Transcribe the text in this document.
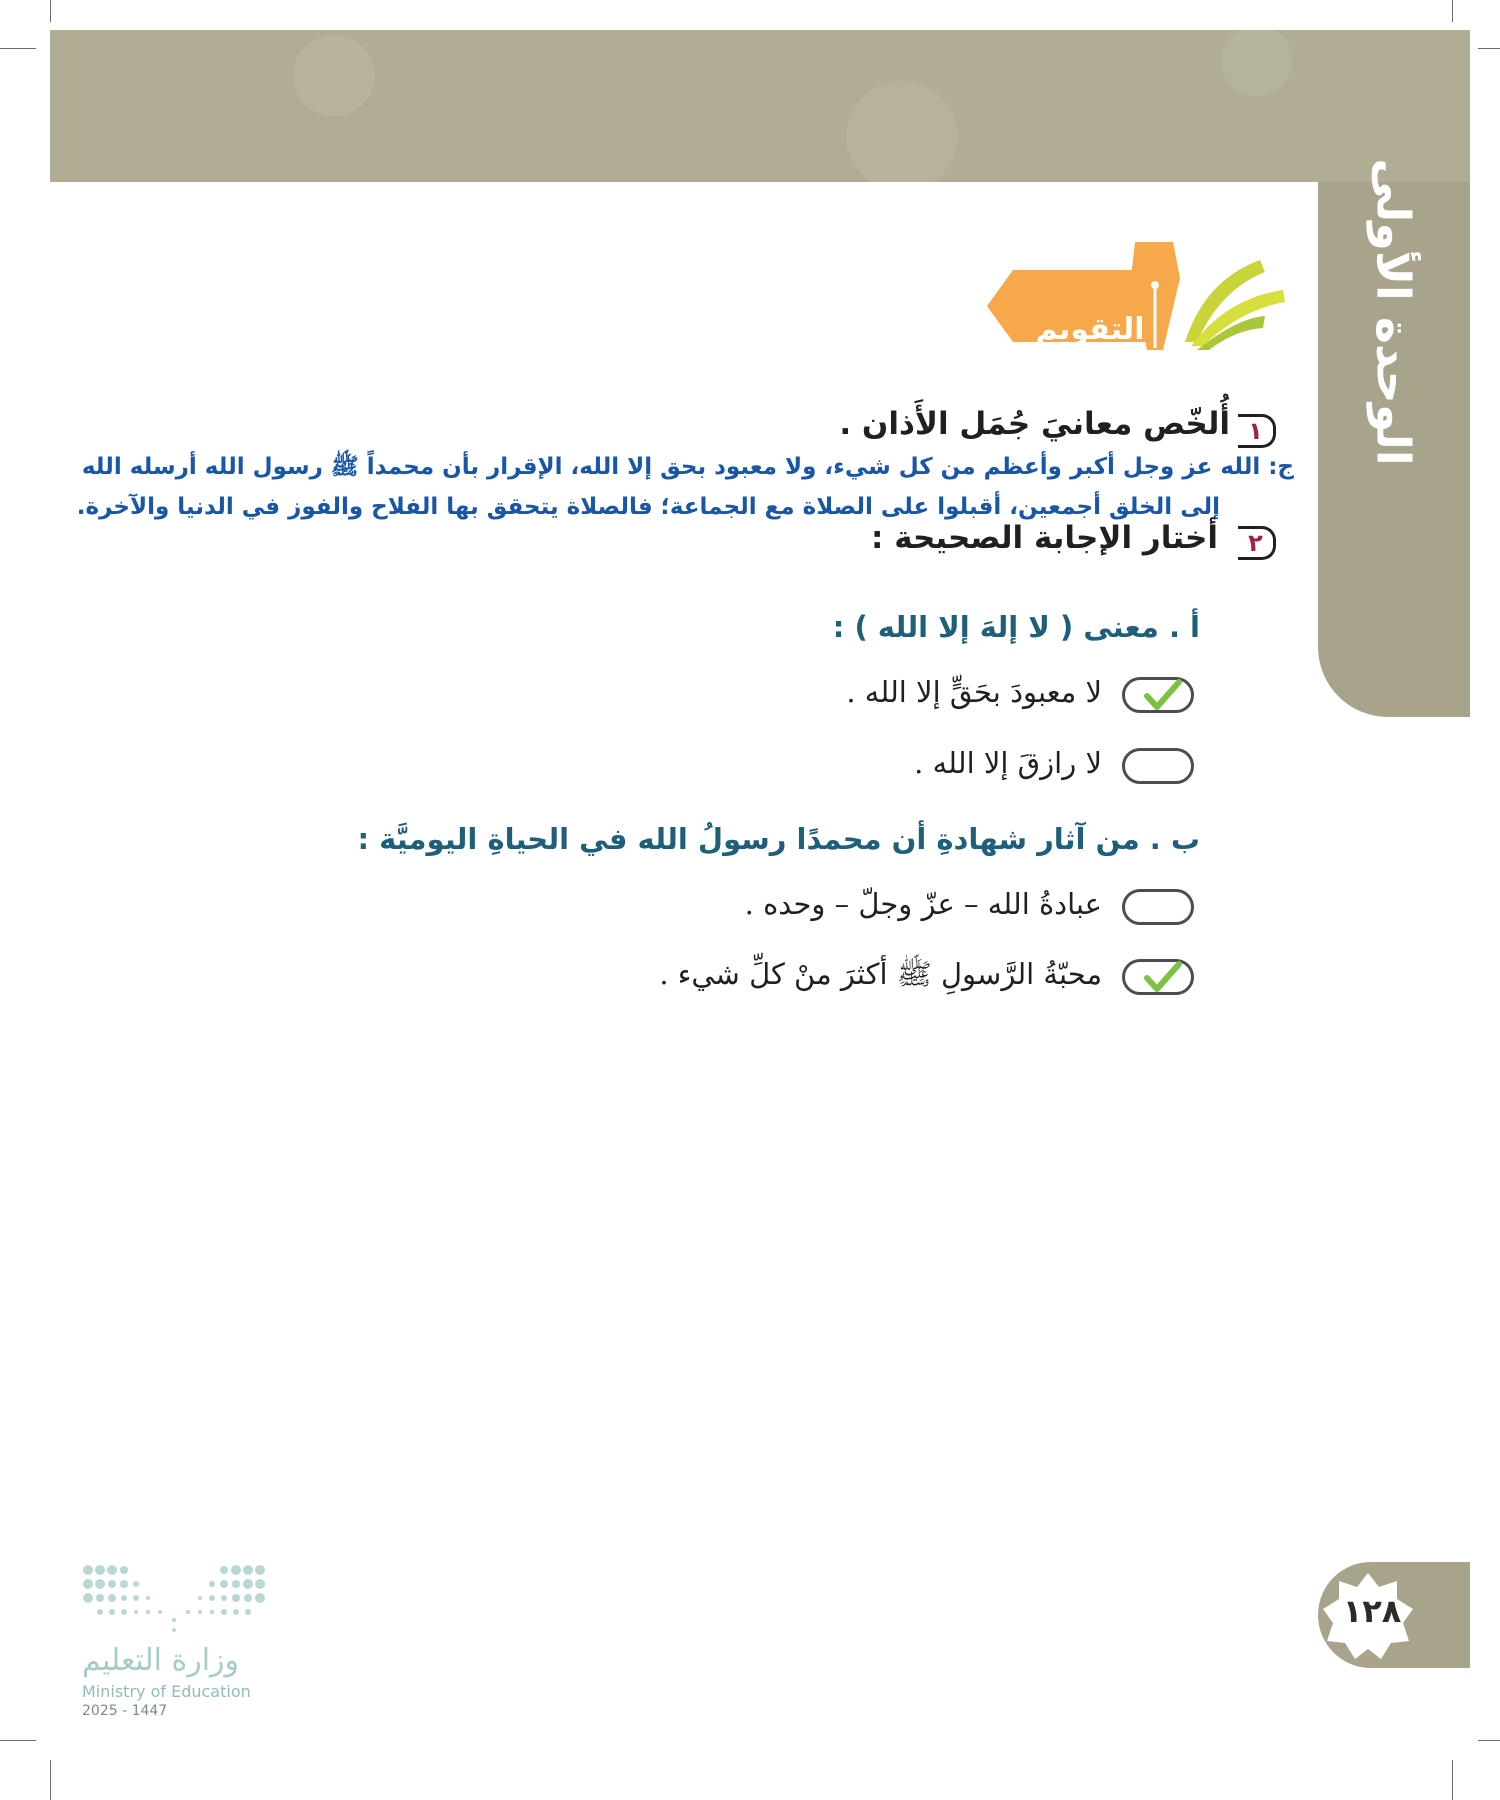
الوحدة الأولى
التقويم
١
أُلخّص معانيَ جُمَل الأَذان .
ج: الله عز وجل أكبر وأعظم من كل شيء، ولا معبود بحق إلا الله، الإقرار بأن محمداً ﷺ رسول الله أرسله الله
إلى الخلق أجمعين، أقبلوا على الصلاة مع الجماعة؛ فالصلاة يتحقق بها الفلاح والفوز في الدنيا والآخرة.
٢
أختار الإجابة الصحيحة :
أ . معنى ( لا إلهَ إلا الله ) :
لا معبودَ بحَقٍّ إلا الله .
لا رازقَ إلا الله .
ب . من آثار شهادةِ أن محمدًا رسولُ الله في الحياةِ اليوميَّة :
عبادةُ الله – عزّ وجلّ – وحده .
محبّةُ الرَّسولِ ﷺ أكثرَ منْ كلِّ شيء .
١٢٨
وزارة التعليم
Ministry of Education
2025 - 1447
